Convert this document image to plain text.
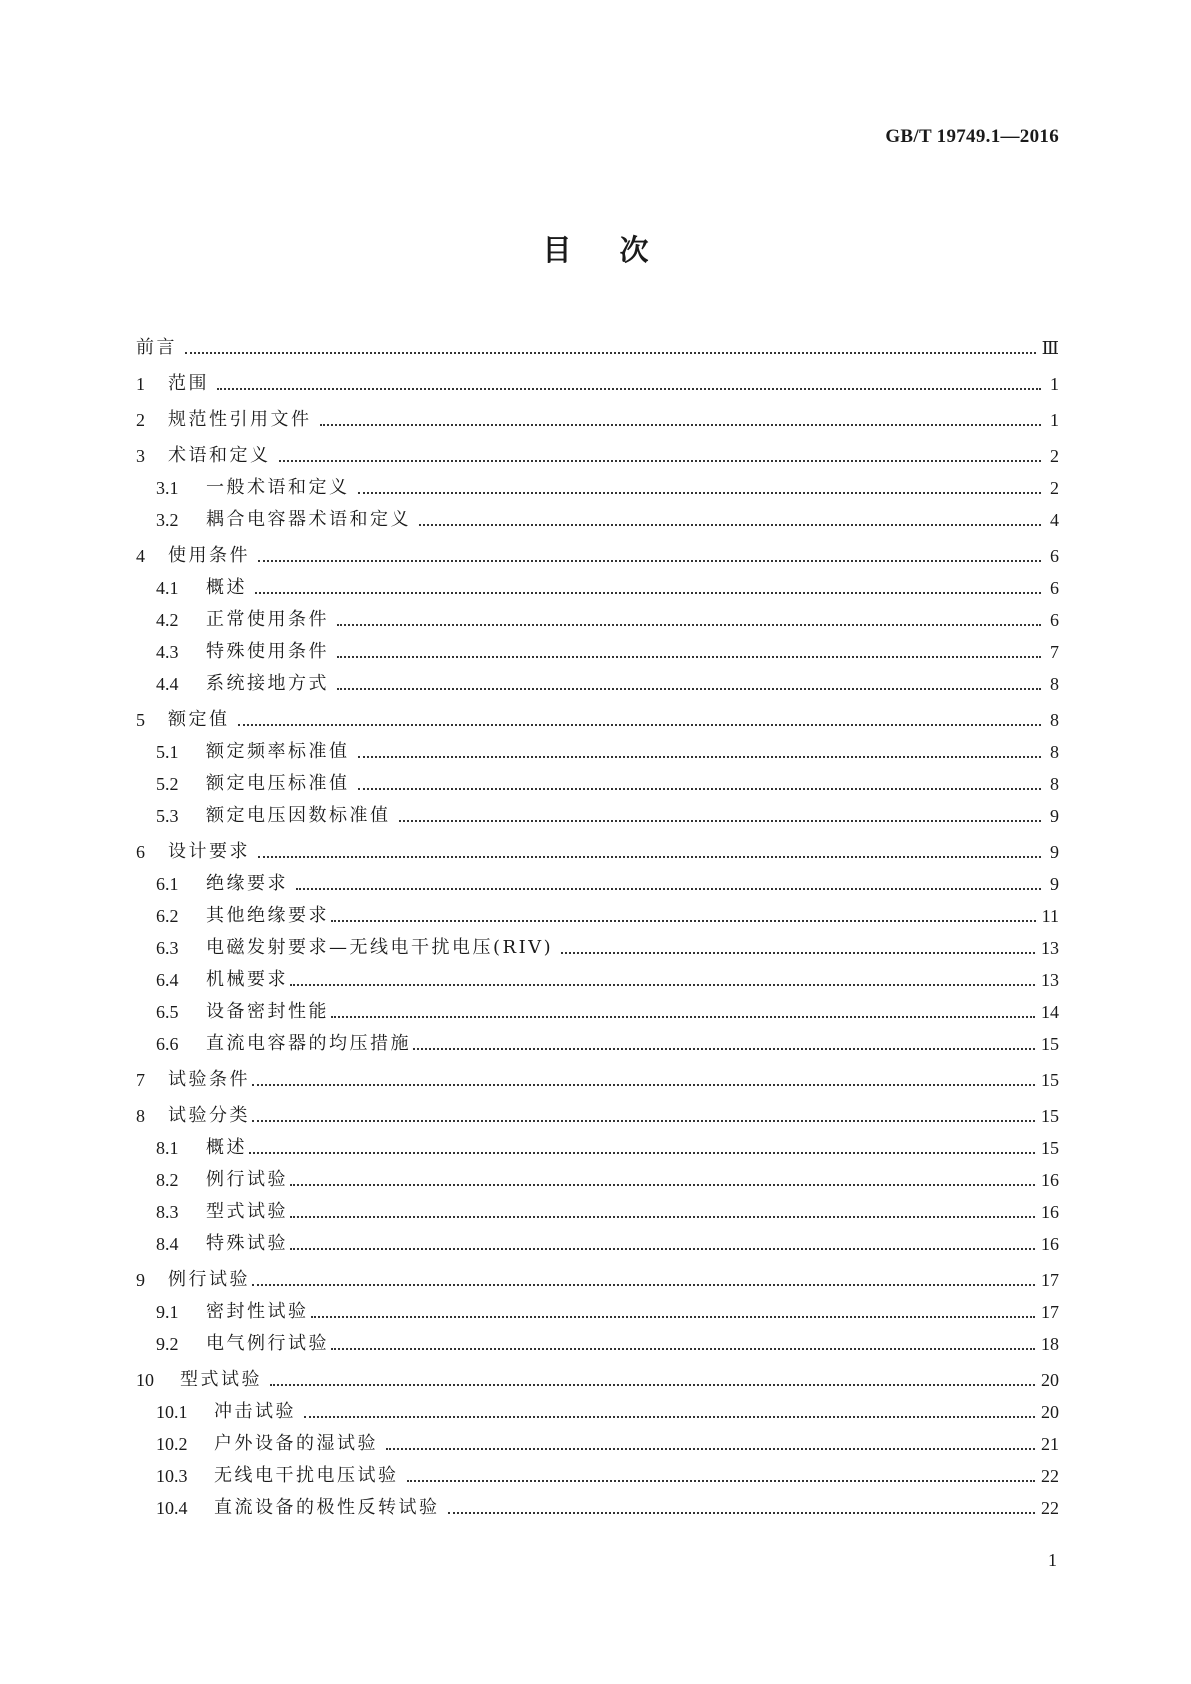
GB/T 19749.1—2016
目次
前言	Ⅲ
1	范围	1
2	规范性引用文件	1
3	术语和定义	2
3.1	一般术语和定义	2
3.2	耦合电容器术语和定义	4
4	使用条件	6
4.1	概述	6
4.2	正常使用条件	6
4.3	特殊使用条件	7
4.4	系统接地方式	8
5	额定值	8
5.1	额定频率标准值	8
5.2	额定电压标准值	8
5.3	额定电压因数标准值	9
6	设计要求	9
6.1	绝缘要求	9
6.2	其他绝缘要求	11
6.3	电磁发射要求—无线电干扰电压(RIV)	13
6.4	机械要求	13
6.5	设备密封性能	14
6.6	直流电容器的均压措施	15
7	试验条件	15
8	试验分类	15
8.1	概述	15
8.2	例行试验	16
8.3	型式试验	16
8.4	特殊试验	16
9	例行试验	17
9.1	密封性试验	17
9.2	电气例行试验	18
10	型式试验	20
10.1	冲击试验	20
10.2	户外设备的湿试验	21
10.3	无线电干扰电压试验	22
10.4	直流设备的极性反转试验	22
1
